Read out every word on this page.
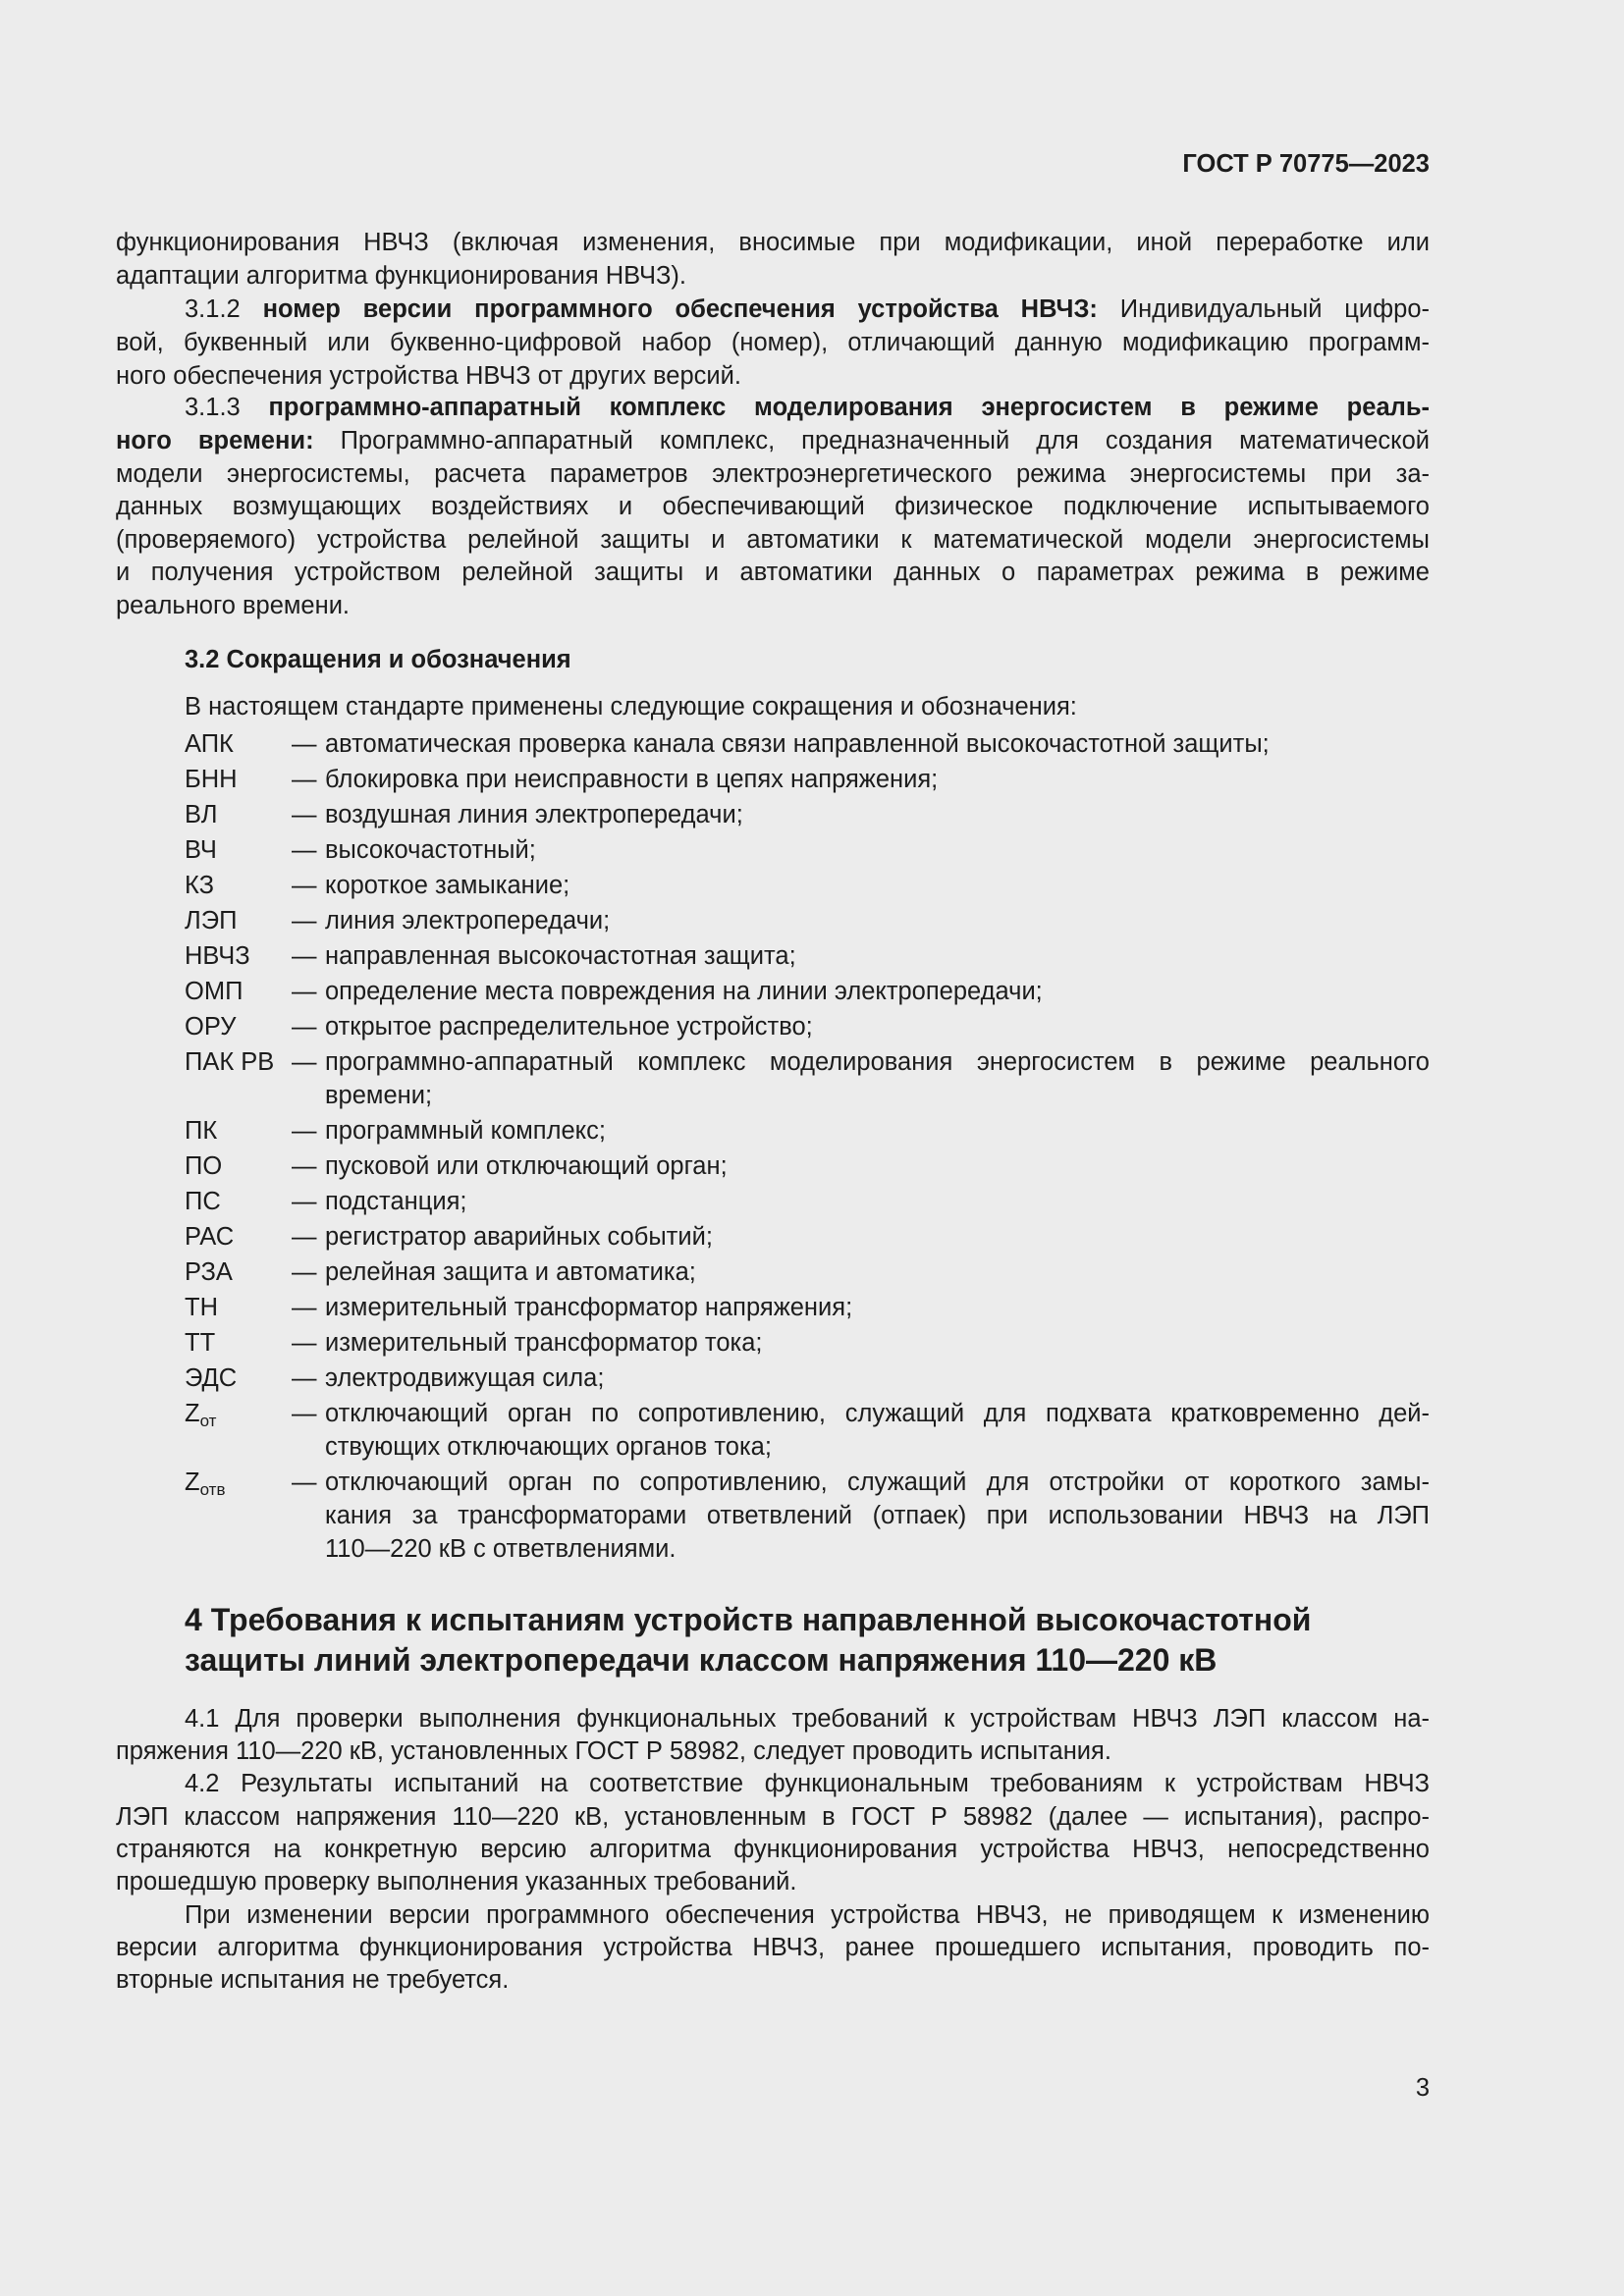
ГОСТ Р 70775—2023
функционирования НВЧЗ (включая изменения, вносимые при модификации, иной переработке или
адаптации алгоритма функционирования НВЧЗ).
3.1.2 номер версии программного обеспечения устройства НВЧЗ: Индивидуальный цифро-
вой, буквенный или буквенно-цифровой набор (номер), отличающий данную модификацию программ-
ного обеспечения устройства НВЧЗ от других версий.
3.1.3 программно-аппаратный комплекс моделирования энергосистем в режиме реаль-
ного времени: Программно-аппаратный комплекс, предназначенный для создания математической
модели энергосистемы, расчета параметров электроэнергетического режима энергосистемы при за-
данных возмущающих воздействиях и обеспечивающий физическое подключение испытываемого
(проверяемого) устройства релейной защиты и автоматики к математической модели энергосистемы
и получения устройством релейной защиты и автоматики данных о параметрах режима в режиме
реального времени.
3.2 Сокращения и обозначения
В настоящем стандарте применены следующие сокращения и обозначения:
АПК — автоматическая проверка канала связи направленной высокочастотной защиты;
БНН — блокировка при неисправности в цепях напряжения;
ВЛ	— воздушная линия электропередачи;
ВЧ	— высокочастотный;
КЗ	— короткое замыкание;
ЛЭП — линия электропередачи;
НВЧЗ — направленная высокочастотная защита;
ОМП — определение места повреждения на линии электропередачи;
ОРУ — открытое распределительное устройство;
ПАК РВ — программно-аппаратный комплекс моделирования энергосистем в режиме реального
времени;
ПК	— программный комплекс;
ПО	— пусковой или отключающий орган;
ПС	— подстанция;
РАС — регистратор аварийных событий;
РЗА — релейная защита и автоматика;
ТН	— измерительный трансформатор напряжения;
ТТ	— измерительный трансформатор тока;
ЭДС — электродвижущая сила;
$Z_{от}$	— отключающий орган по сопротивлению, служащий для подхвата кратковременно дей-
ствующих отключающих органов тока;
$Z_{отв}$	— отключающий орган по сопротивлению, служащий для отстройки от короткого замы-
кания за трансформаторами ответвлений (отпаек) при использовании НВЧЗ на ЛЭП
110—220 кВ с ответвлениями.
4 Требования к испытаниям устройств направленной высокочастотной
защиты линий электропередачи классом напряжения 110—220 кВ
4.1 Для проверки выполнения функциональных требований к устройствам НВЧЗ ЛЭП классом на-
пряжения 110—220 кВ, установленных ГОСТ Р 58982, следует проводить испытания.
4.2 Результаты испытаний на соответствие функциональным требованиям к устройствам НВЧЗ
ЛЭП классом напряжения 110—220 кВ, установленным в ГОСТ Р 58982 (далее — испытания), распро-
страняются на конкретную версию алгоритма функционирования устройства НВЧЗ, непосредственно
прошедшую проверку выполнения указанных требований.
При изменении версии программного обеспечения устройства НВЧЗ, не приводящем к изменению
версии алгоритма функционирования устройства НВЧЗ, ранее прошедшего испытания, проводить по-
вторные испытания не требуется.
3
